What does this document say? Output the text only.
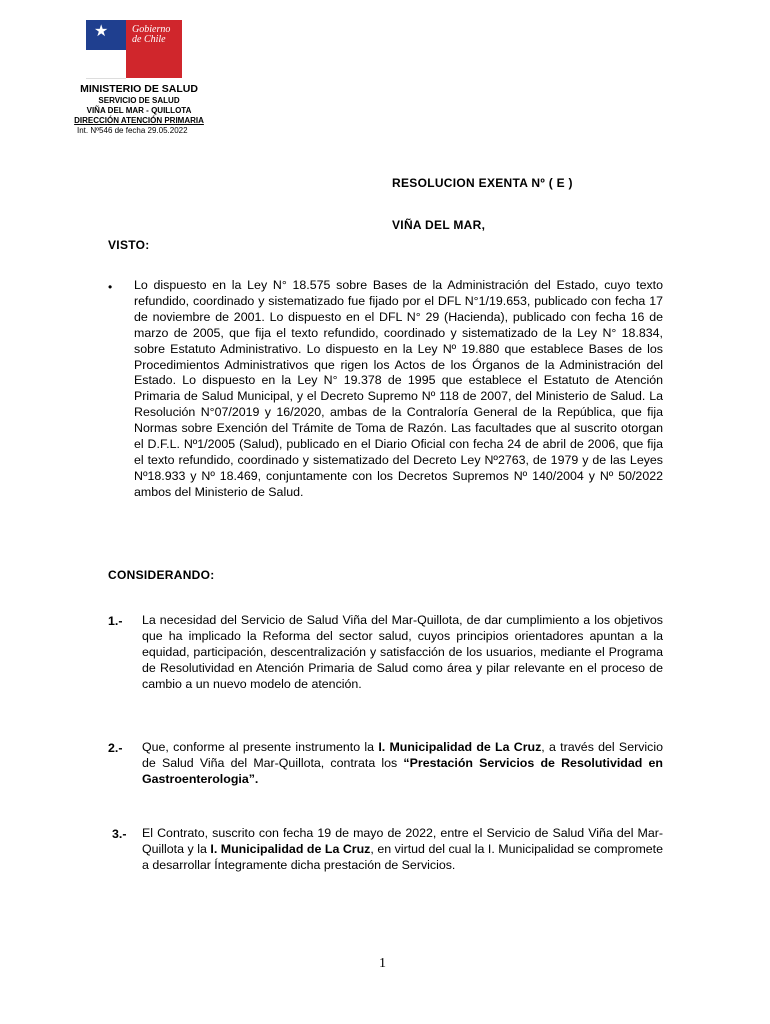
★ Gobierno
de Chile
MINISTERIO DE SALUD
SERVICIO DE SALUD
VIÑA DEL MAR - QUILLOTA
DIRECCIÓN ATENCIÓN PRIMARIA
Int. Nº546 de fecha 29.05.2022
RESOLUCION EXENTA Nº ( E )
VIÑA DEL MAR,
VISTO:
• Lo dispuesto en la Ley N° 18.575 sobre Bases de la Administración del Estado, cuyo texto refundido, coordinado y sistematizado fue fijado por el DFL N°1/19.653, publicado con fecha 17 de noviembre de 2001. Lo dispuesto en el DFL N° 29 (Hacienda), publicado con fecha 16 de marzo de 2005, que fija el texto refundido, coordinado y sistematizado de la Ley N° 18.834, sobre Estatuto Administrativo. Lo dispuesto en la Ley Nº 19.880 que establece Bases de los Procedimientos Administrativos que rigen los Actos de los Órganos de la Administración del Estado. Lo dispuesto en la Ley N° 19.378 de 1995 que establece el Estatuto de Atención Primaria de Salud Municipal, y el Decreto Supremo Nº 118 de 2007, del Ministerio de Salud. La Resolución N°07/2019 y 16/2020, ambas de la Contraloría General de la República, que fija Normas sobre Exención del Trámite de Toma de Razón. Las facultades que al suscrito otorgan el D.F.L. Nº1/2005 (Salud), publicado en el Diario Oficial con fecha 24 de abril de 2006, que fija el texto refundido, coordinado y sistematizado del Decreto Ley Nº2763, de 1979 y de las Leyes Nº18.933 y Nº 18.469, conjuntamente con los Decretos Supremos Nº 140/2004 y Nº 50/2022 ambos del Ministerio de Salud.
CONSIDERANDO:
1.- La necesidad del Servicio de Salud Viña del Mar-Quillota, de dar cumplimiento a los objetivos que ha implicado la Reforma del sector salud, cuyos principios orientadores apuntan a la equidad, participación, descentralización y satisfacción de los usuarios, mediante el Programa de Resolutividad en Atención Primaria de Salud como área y pilar relevante en el proceso de cambio a un nuevo modelo de atención.
2.- Que, conforme al presente instrumento la I. Municipalidad de La Cruz, a través del Servicio de Salud Viña del Mar-Quillota, contrata los “Prestación Servicios de Resolutividad en Gastroenterologia”.
3.- El Contrato, suscrito con fecha 19 de mayo de 2022, entre el Servicio de Salud Viña del Mar-Quillota y la I. Municipalidad de La Cruz, en virtud del cual la I. Municipalidad se compromete a desarrollar Íntegramente dicha prestación de Servicios.
1
